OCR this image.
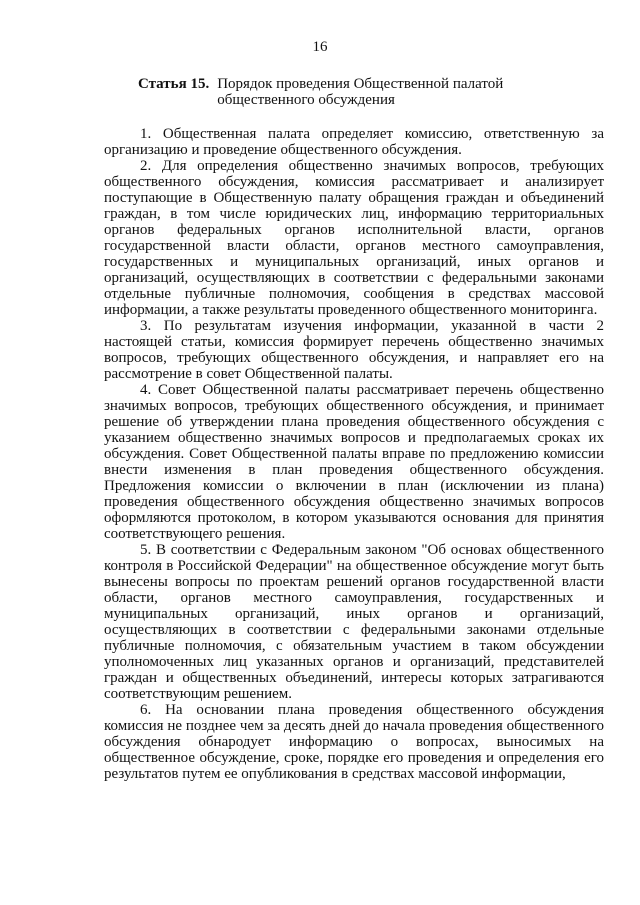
16
Статья 15. Порядок проведения Общественной палатой общественного обсуждения

1. Общественная палата определяет комиссию, ответственную за организацию и проведение общественного обсуждения.

2. Для определения общественно значимых вопросов, требующих общественного обсуждения, комиссия рассматривает и анализирует поступающие в Общественную палату обращения граждан и объединений граждан, в том числе юридических лиц, информацию территориальных органов федеральных органов исполнительной власти, органов государственной власти области, органов местного самоуправления, государственных и муниципальных организаций, иных органов и организаций, осуществляющих в соответствии с федеральными законами отдельные публичные полномочия, сообщения в средствах массовой информации, а также результаты проведенного общественного мониторинга.

3. По результатам изучения информации, указанной в части 2 настоящей статьи, комиссия формирует перечень общественно значимых вопросов, требующих общественного обсуждения, и направляет его на рассмотрение в совет Общественной палаты.

4. Совет Общественной палаты рассматривает перечень общественно значимых вопросов, требующих общественного обсуждения, и принимает решение об утверждении плана проведения общественного обсуждения с указанием общественно значимых вопросов и предполагаемых сроках их обсуждения. Совет Общественной палаты вправе по предложению комиссии внести изменения в план проведения общественного обсуждения. Предложения комиссии о включении в план (исключении из плана) проведения общественного обсуждения общественно значимых вопросов оформляются протоколом, в котором указываются основания для принятия соответствующего решения.

5. В соответствии с Федеральным законом "Об основах общественного контроля в Российской Федерации" на общественное обсуждение могут быть вынесены вопросы по проектам решений органов государственной власти области, органов местного самоуправления, государственных и муниципальных организаций, иных органов и организаций, осуществляющих в соответствии с федеральными законами отдельные публичные полномочия, с обязательным участием в таком обсуждении уполномоченных лиц указанных органов и организаций, представителей граждан и общественных объединений, интересы которых затрагиваются соответствующим решением.

6. На основании плана проведения общественного обсуждения комиссия не позднее чем за десять дней до начала проведения общественного обсуждения обнародует информацию о вопросах, выносимых на общественное обсуждение, сроке, порядке его проведения и определения его результатов путем ее опубликования в средствах массовой информации,
